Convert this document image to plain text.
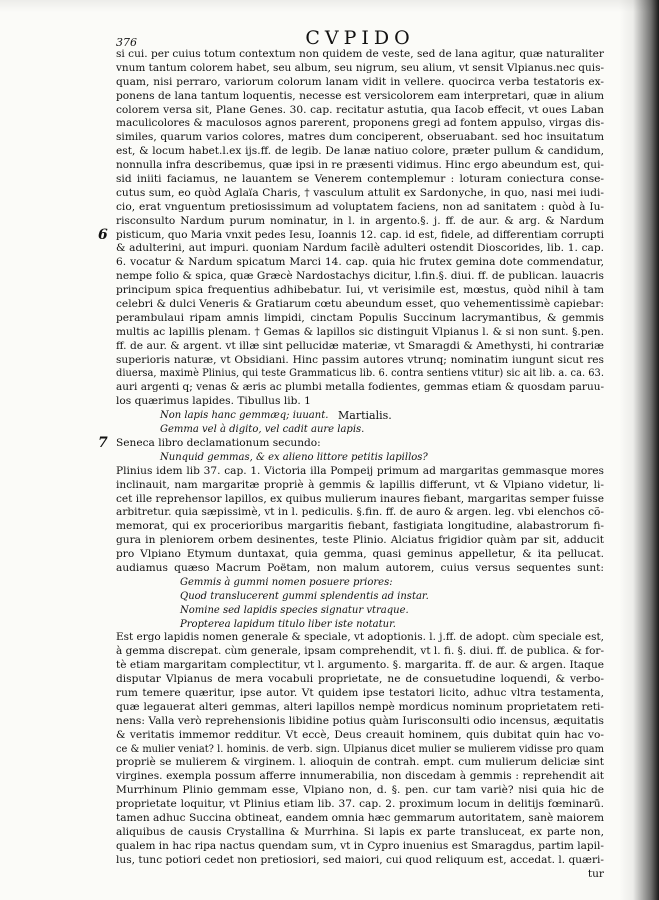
376	CVPIDO
si cui. per cuius totum contextum non quidem de veste, sed de lana agitur, quæ naturaliter
vnum tantum colorem habet, seu album, seu nigrum, seu alium, vt sensit Vlpianus.nec quis-
quam, nisi perraro, variorum colorum lanam vidit in vellere. quocirca verba testatoris ex-
ponens de lana tantum loquentis, necesse est versicolorem eam interpretari, quæ in alium
colorem versa sit, Plane Genes. 30. cap. recitatur astutia, qua Iacob effecit, vt oues Laban
maculicolores & maculosos agnos parerent, proponens gregi ad fontem appulso, virgas dis-
similes, quarum varios colores, matres dum conciperent, obseruabant. sed hoc insuitatum
est, & locum habet.l.ex ijs.ff. de legib. De lanæ natiuo colore, præter pullum & candidum,
nonnulla infra describemus, quæ ipsi in re præsenti vidimus. Hinc ergo abeundum est, qui-
sid iniiti faciamus, ne lauantem se Venerem contemplemur : loturam coniectura conse-
cutus sum, eo quòd Aglaïa Charis, † vasculum attulit ex Sardonyche, in quo, nasi mei iudi-
cio, erat vnguentum pretiosissimum ad voluptatem faciens, non ad sanitatem : quòd à Iu-
risconsulto Nardum purum nominatur, in l. in argento.§. j. ff. de aur. & arg. & Nardum
pisticum, quo Maria vnxit pedes Iesu, Ioannis 12. cap. id est, fidele, ad differentiam corrupti
6
& adulterini, aut impuri. quoniam Nardum facilè adulteri ostendit Dioscorides, lib. 1. cap.
6. vocatur & Nardum spicatum Marci 14. cap. quia hic frutex gemina dote commendatur,
nempe folio & spica, quæ Græcè Nardostachys dicitur, l.fin.§. diui. ff. de publican. lauacris
principum spica frequentius adhibebatur. Iui, vt verisimile est, mœstus, quòd nihil à tam
celebri & dulci Veneris & Gratiarum cœtu abeundum esset, quo vehementissimè capiebar:
perambulaui ripam amnis limpidi, cinctam Populis Succinum lacrymantibus, & gemmis
multis ac lapillis plenam. † Gemas & lapillos sic distinguit Vlpianus l. & si non sunt. §.pen.
ff. de aur. & argent. vt illæ sint pellucidæ materiæ, vt Smaragdi & Amethysti, hi contrariæ
superioris naturæ, vt Obsidiani. Hinc passim autores vtrunq; nominatim iungunt sicut res
diuersa, maximè Plinius, qui teste Grammaticus lib. 6. contra sentiens vtitur) sic ait lib. a. ca. 63.
auri argenti q; venas & æris ac plumbi metalla fodientes, gemmas etiam & quosdam paruu-
los quærimus lapides. Tibullus lib. 1
Non lapis hanc gemmæq; iuuant. Martialis.
Gemma vel à digito, vel cadit aure lapis.
Seneca libro declamationum secundo:
7
Nunquid gemmas, & ex alieno littore petitis lapillos?
Plinius idem lib 37. cap. 1. Victoria illa Pompeij primum ad margaritas gemmasque mores
inclinauit, nam margaritæ propriè à gemmis & lapillis differunt, vt & Vlpiano videtur, li-
cet ille reprehensor lapillos, ex quibus mulierum inaures fiebant, margaritas semper fuisse
arbitretur. quia sæpissimè, vt in l. pediculis. §.fin. ff. de auro & argen. leg. vbi elenchos cõ-
memorat, qui ex procerioribus margaritis fiebant, fastigiata longitudine, alabastrorum fi-
gura in pleniorem orbem desinentes, teste Plinio. Alciatus frigidior quàm par sit, adducit
pro Vlpiano Etymum duntaxat, quia gemma, quasi geminus appelletur, & ita pellucat.
audiamus quæso Macrum Poëtam, non malum autorem, cuius versus sequentes sunt:
Gemmis à gummi nomen posuere priores:
Quod translucerent gummi splendentis ad instar.
Nomine sed lapidis species signatur vtraque.
Propterea lapidum titulo liber iste notatur.
Est ergo lapidis nomen generale & speciale, vt adoptionis. l. j.ff. de adopt. cùm speciale est,
à gemma discrepat. cùm generale, ipsam comprehendit, vt l. fi. §. diui. ff. de publica. & for-
tè etiam margaritam complectitur, vt l. argumento. §. margarita. ff. de aur. & argen. Itaque
disputar Vlpianus de mera vocabuli proprietate, ne de consuetudine loquendi, & verbo-
rum temere quæritur, ipse autor. Vt quidem ipse testatori licito, adhuc vltra testamenta,
quæ legauerat alteri gemmas, alteri lapillos nempè mordicus nominum proprietatem reti-
nens: Valla verò reprehensionis libidine potius quàm Iurisconsulti odio incensus, æquitatis
& veritatis immemor redditur. Vt eccè, Deus creauit hominem, quis dubitat quin hac vo-
ce & mulier veniat? l. hominis. de verb. sign. Ulpianus dicet mulier se mulierem vidisse pro quam
propriè se mulierem & virginem. l. alioquin de contrah. empt. cum mulierum deliciæ sint
virgines. exempla possum afferre innumerabilia, non discedam à gemmis : reprehendit ait
Murrhinum Plinio gemmam esse, Vlpiano non, d. §. pen. cur tam variè? nisi quia hic de
proprietate loquitur, vt Plinius etiam lib. 37. cap. 2. proximum locum in delitijs fœminarū.
tamen adhuc Succina obtineat, eandem omnia hæc gemmarum autoritatem, sanè maiorem
aliquibus de causis Crystallina & Murrhina. Si lapis ex parte transluceat, ex parte non,
qualem in hac ripa nactus quendam sum, vt in Cypro inuenius est Smaragdus, partim lapil-
lus, tunc potiori cedet non pretiosiori, sed maiori, cui quod reliquum est, accedat. l. quæri-
tur
